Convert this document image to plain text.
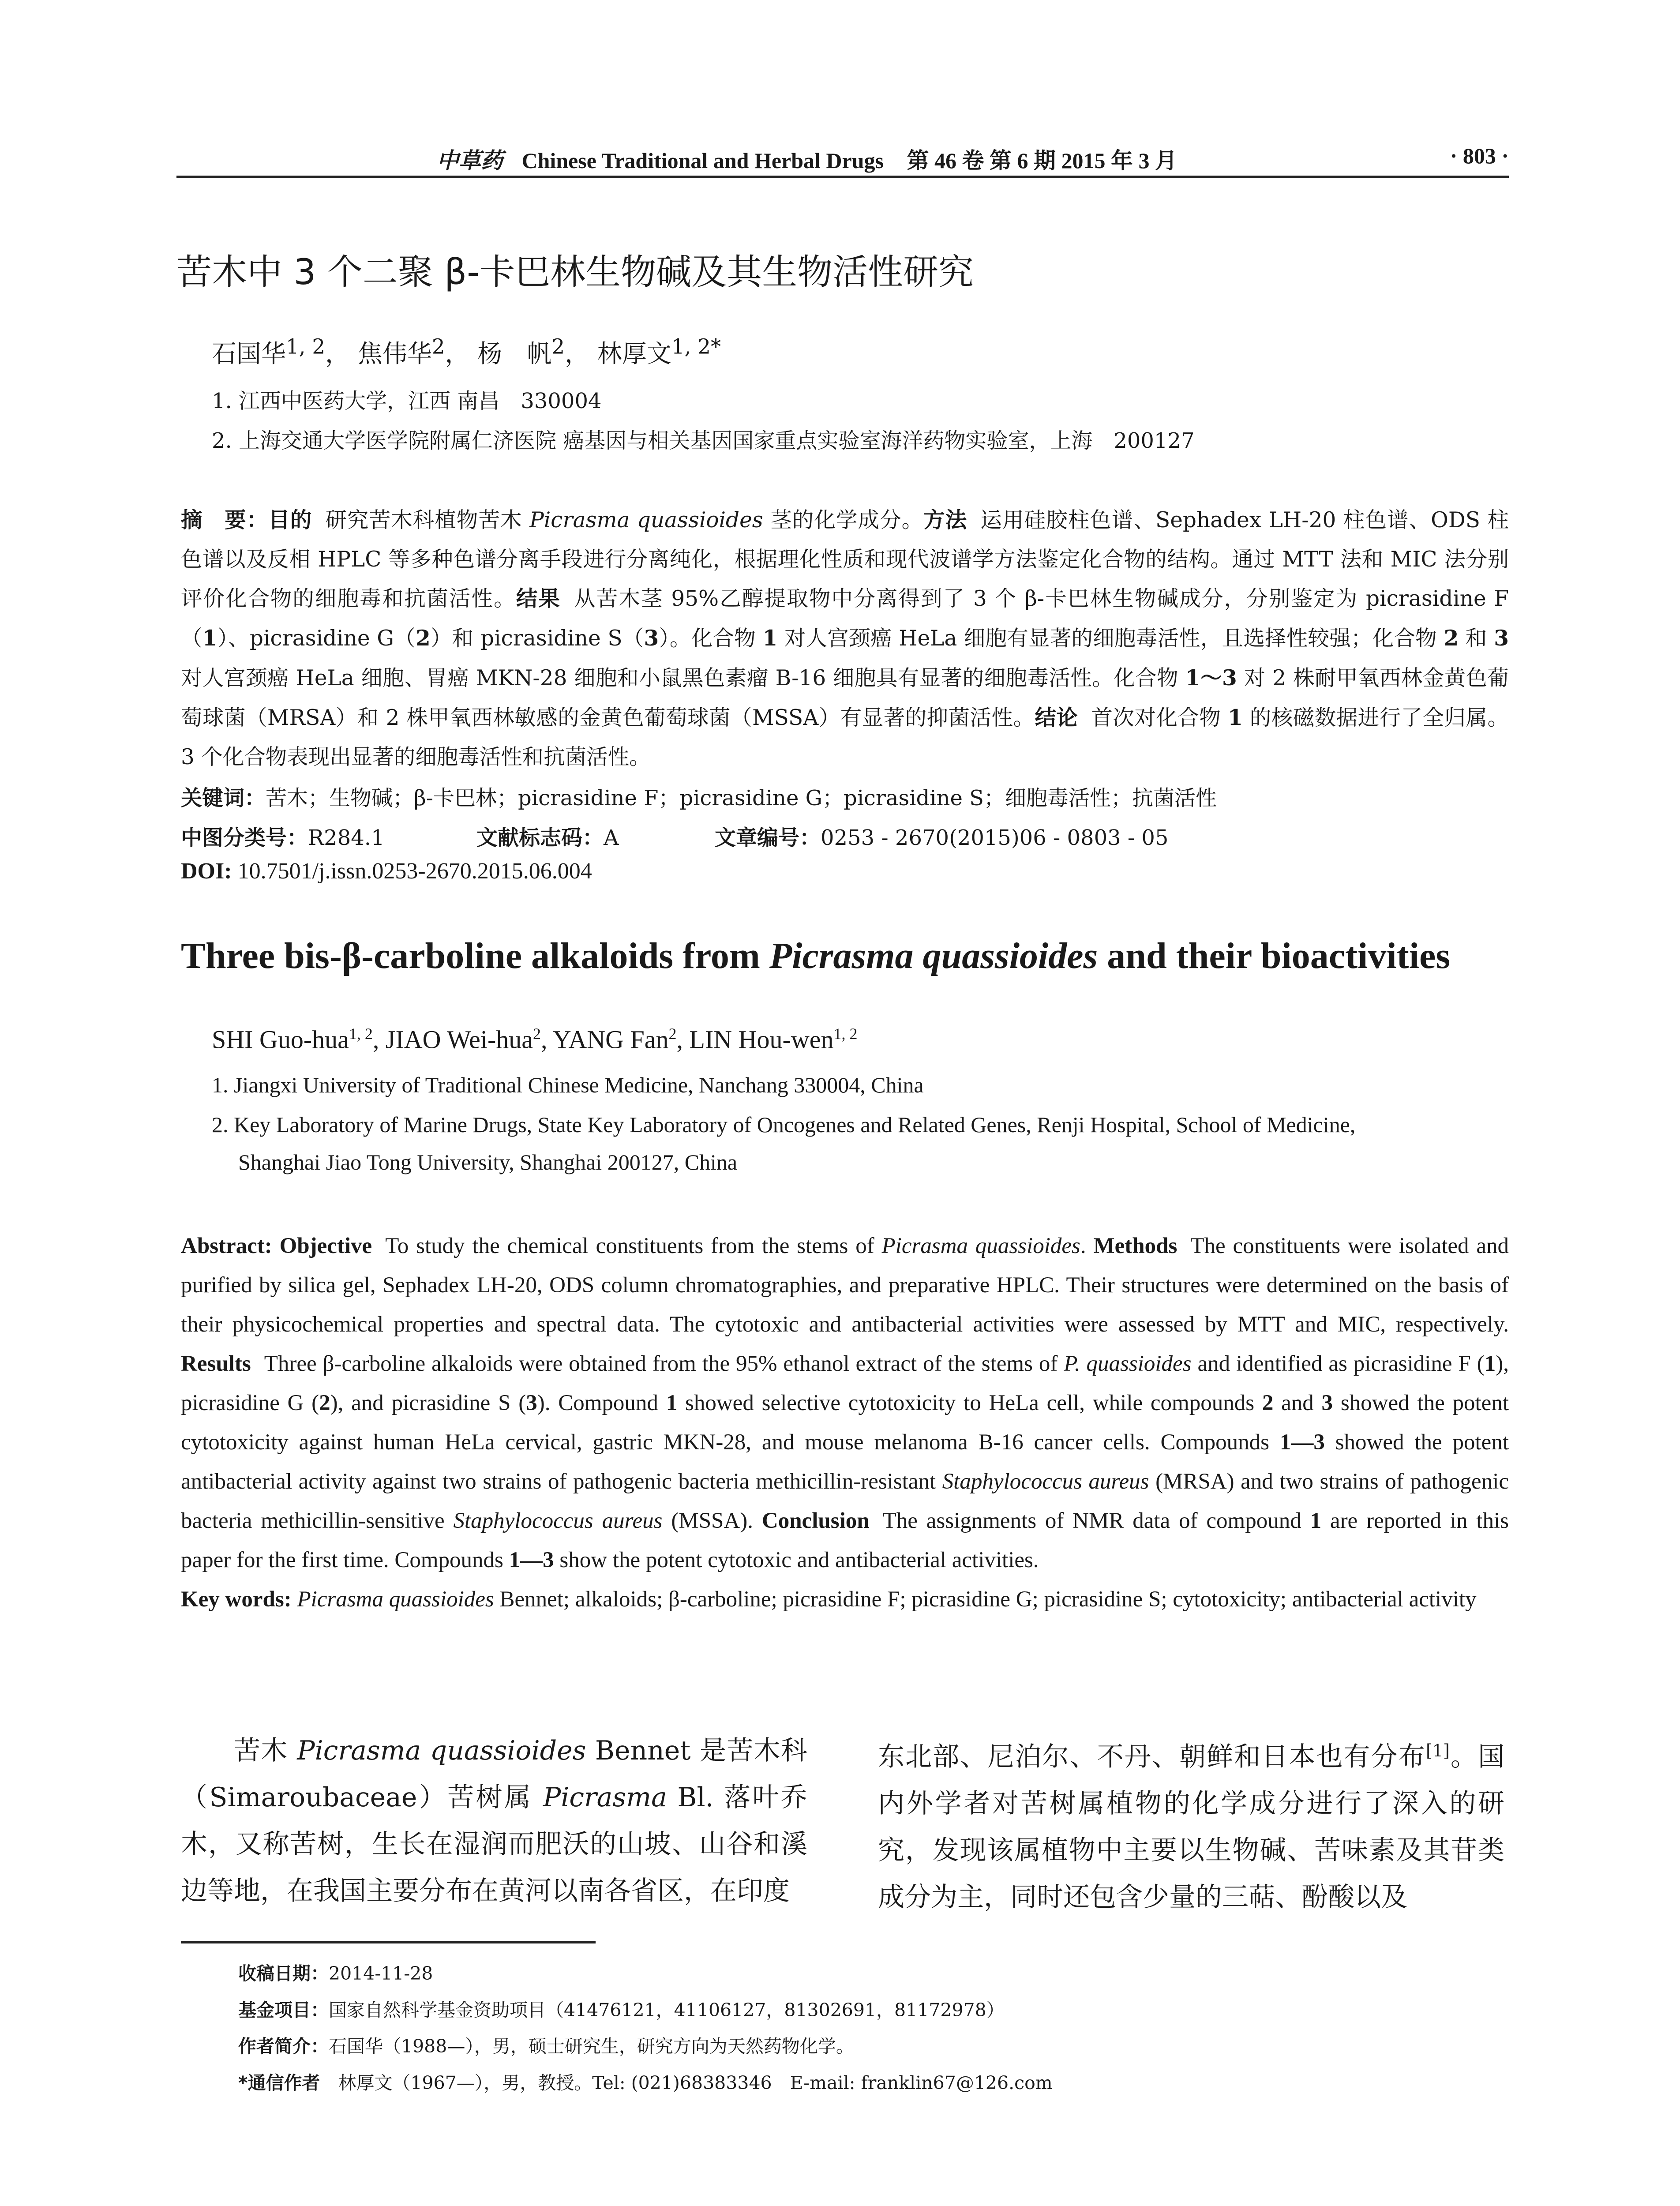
中草药 Chinese Traditional and Herbal Drugs 第 46 卷 第 6 期 2015 年 3 月	· 803 ·
苦木中 3 个二聚 β-卡巴林生物碱及其生物活性研究
石国华$^{1, 2}$， 焦伟华$^2$， 杨　帆$^2$， 林厚文$^{1, 2*}$
1. 江西中医药大学，江西 南昌　330004
2. 上海交通大学医学院附属仁济医院 癌基因与相关基因国家重点实验室海洋药物实验室，上海　200127

摘　要：目的 研究苦木科植物苦木 Picrasma quassioides 茎的化学成分。方法 运用硅胶柱色谱、Sephadex LH-20 柱色谱、ODS 柱色谱以及反相 HPLC 等多种色谱分离手段进行分离纯化，根据理化性质和现代波谱学方法鉴定化合物的结构。通过 MTT 法和 MIC 法分别评价化合物的细胞毒和抗菌活性。结果 从苦木茎 95%乙醇提取物中分离得到了 3 个 β-卡巴林生物碱成分，分别鉴定为 picrasidine F（1）、picrasidine G（2）和 picrasidine S（3）。化合物 1 对人宫颈癌 HeLa 细胞有显著的细胞毒活性，且选择性较强；化合物 2 和 3 对人宫颈癌 HeLa 细胞、胃癌 MKN-28 细胞和小鼠黑色素瘤 B-16 细胞具有显著的细胞毒活性。化合物 1～3 对 2 株耐甲氧西林金黄色葡萄球菌（MRSA）和 2 株甲氧西林敏感的金黄色葡萄球菌（MSSA）有显著的抑菌活性。结论 首次对化合物 1 的核磁数据进行了全归属。3 个化合物表现出显著的细胞毒活性和抗菌活性。

关键词：苦木；生物碱；β-卡巴林；picrasidine F；picrasidine G；picrasidine S；细胞毒活性；抗菌活性
中图分类号：R284.1	文献标志码：A	文章编号：0253 - 2670(2015)06 - 0803 - 05
DOI: 10.7501/j.issn.0253-2670.2015.06.004
Three bis-β-carboline alkaloids from Picrasma quassioides and their bioactivities
SHI Guo-hua$^{1, 2}$, JIAO Wei-hua$^2$, YANG Fan$^2$, LIN Hou-wen$^{1, 2}$
1. Jiangxi University of Traditional Chinese Medicine, Nanchang 330004, China
2. Key Laboratory of Marine Drugs, State Key Laboratory of Oncogenes and Related Genes, Renji Hospital, School of Medicine,
Shanghai Jiao Tong University, Shanghai 200127, China

Abstract: Objective To study the chemical constituents from the stems of Picrasma quassioides. Methods The constituents were isolated and purified by silica gel, Sephadex LH-20, ODS column chromatographies, and preparative HPLC. Their structures were determined on the basis of their physicochemical properties and spectral data. The cytotoxic and antibacterial activities were assessed by MTT and MIC, respectively. Results Three β-carboline alkaloids were obtained from the 95% ethanol extract of the stems of P. quassioides and identified as picrasidine F (1), picrasidine G (2), and picrasidine S (3). Compound 1 showed selective cytotoxicity to HeLa cell, while compounds 2 and 3 showed the potent cytotoxicity against human HeLa cervical, gastric MKN-28, and mouse melanoma B-16 cancer cells. Compounds 1—3 showed the potent antibacterial activity against two strains of pathogenic bacteria methicillin-resistant Staphylococcus aureus (MRSA) and two strains of pathogenic bacteria methicillin-sensitive Staphylococcus aureus (MSSA). Conclusion The assignments of NMR data of compound 1 are reported in this paper for the first time. Compounds 1—3 show the potent cytotoxic and antibacterial activities.

Key words: Picrasma quassioides Bennet; alkaloids; β-carboline; picrasidine F; picrasidine G; picrasidine S; cytotoxicity; antibacterial activity

苦木 Picrasma quassioides Bennet 是苦木科（Simaroubaceae）苦树属 Picrasma Bl. 落叶乔木，又称苦树，生长在湿润而肥沃的山坡、山谷和溪边等地，在我国主要分布在黄河以南各省区，在印度

东北部、尼泊尔、不丹、朝鲜和日本也有分布[1]。国内外学者对苦树属植物的化学成分进行了深入的研究，发现该属植物中主要以生物碱、苦味素及其苷类成分为主，同时还包含少量的三萜、酚酸以及

收稿日期：2014-11-28
基金项目：国家自然科学基金资助项目（41476121，41106127，81302691，81172978）
作者简介：石国华（1988—），男，硕士研究生，研究方向为天然药物化学。
*通信作者　林厚文（1967—），男，教授。Tel: (021)68383346　E-mail: franklin67@126.com
